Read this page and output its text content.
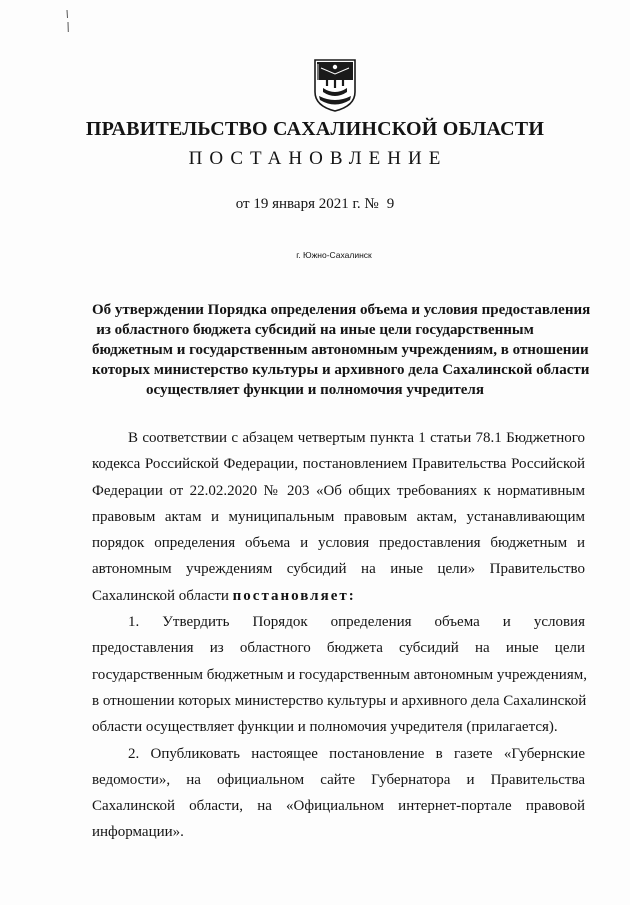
ПРАВИТЕЛЬСТВО САХАЛИНСКОЙ ОБЛАСТИ
ПОСТАНОВЛЕНИЕ
от 19 января 2021 г. № 9
г. Южно-Сахалинск
Об утверждении Порядка определения объема и условия предоставления
из областного бюджета субсидий на иные цели государственным
бюджетным и государственным автономным учреждениям, в отношении
которых министерство культуры и архивного дела Сахалинской области
осуществляет функции и полномочия учредителя
В соответствии с абзацем четвертым пункта 1 статьи 78.1 Бюджетного
кодекса Российской Федерации, постановлением Правительства Российской
Федерации от 22.02.2020 № 203 «Об общих требованиях к нормативным
правовым актам и муниципальным правовым актам, устанавливающим
порядок определения объема и условия предоставления бюджетным и
автономным учреждениям субсидий на иные цели» Правительство
Сахалинской области постановляет:
1. Утвердить Порядок определения объема и условия
предоставления из областного бюджета субсидий на иные цели
государственным бюджетным и государственным автономным учреждениям,
в отношении которых министерство культуры и архивного дела Сахалинской
области осуществляет функции и полномочия учредителя (прилагается).
2. Опубликовать настоящее постановление в газете «Губернские
ведомости», на официальном сайте Губернатора и Правительства
Сахалинской области, на «Официальном интернет-портале правовой
информации».
